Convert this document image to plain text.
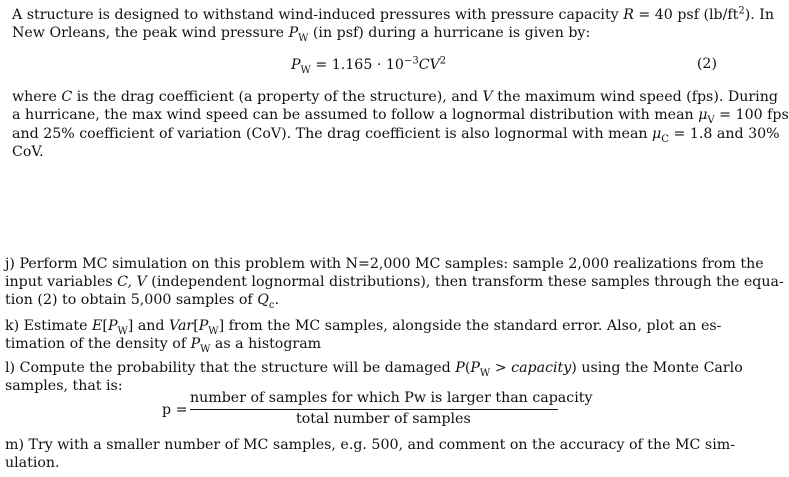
A structure is designed to withstand wind-induced pressures with pressure capacity R = 40 psf $(lb/ft^2)$. In
New Orleans, the peak wind pressure $P_W$ (in psf) during a hurricane is given by:
$P_W = 1.165 \cdot 10^{-3}CV^2$	(2)
where C is the drag coefficient (a property of the structure), and V the maximum wind speed (fps). During
a hurricane, the max wind speed can be assumed to follow a lognormal distribution with mean $\mu_V = 100$ fps
and 25% coefficient of variation (CoV). The drag coefficient is also lognormal with mean $\mu_C = 1.8$ and 30%
CoV.
j) Perform MC simulation on this problem with N=2,000 MC samples: sample 2,000 realizations from the
input variables C, V (independent lognormal distributions), then transform these samples through the equa-
tion (2) to obtain 5,000 samples of $Q_c$.
k) Estimate $E[P_W]$ and $Var[P_W]$ from the MC samples, alongside the standard error. Also, plot an es-
timation of the density of $P_W$ as a histogram
l) Compute the probability that the structure will be damaged $P(P_W$ > capacity) using the Monte Carlo
samples, that is:
p =
number of samples for which Pw is larger than capacity
total number of samples
m) Try with a smaller number of MC samples, e.g. 500, and comment on the accuracy of the MC sim-
ulation.
